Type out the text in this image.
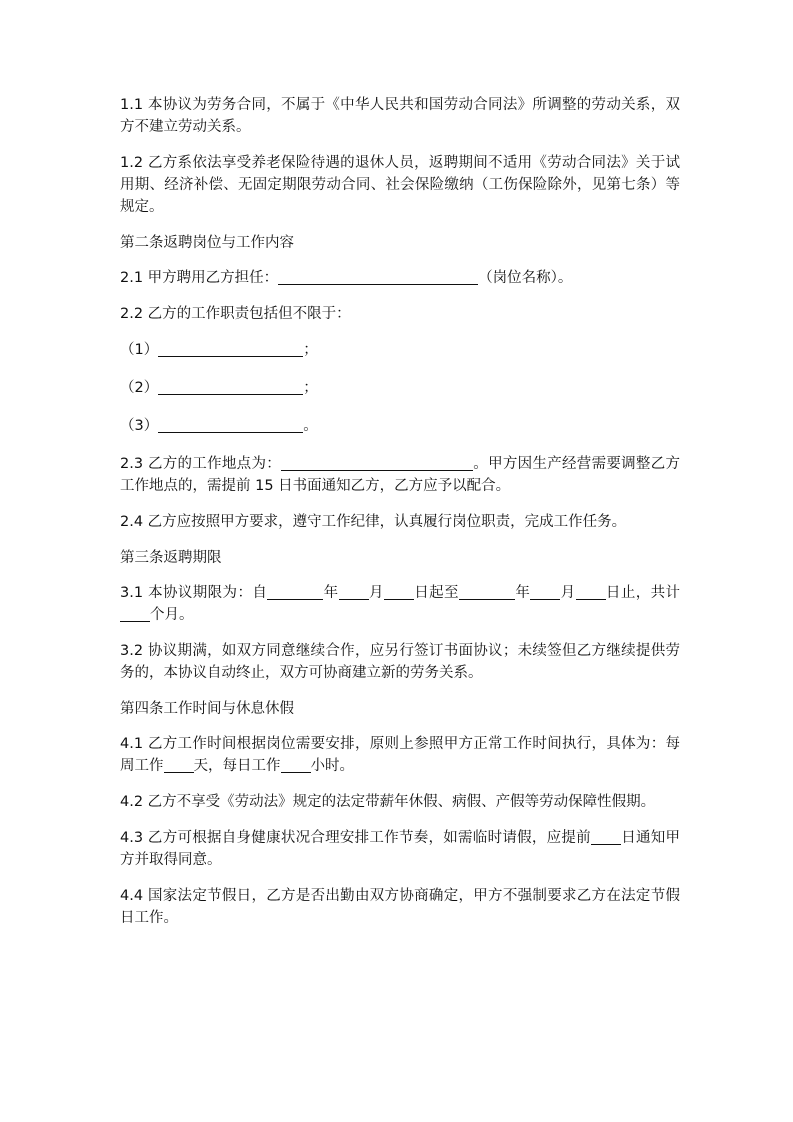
1.1 本协议为劳务合同，不属于《中华人民共和国劳动合同法》所调整的劳动关系，双方不建立劳动关系。

1.2 乙方系依法享受养老保险待遇的退休人员，返聘期间不适用《劳动合同法》关于试用期、经济补偿、无固定期限劳动合同、社会保险缴纳（工伤保险除外，见第七条）等规定。

第二条返聘岗位与工作内容

2.1 甲方聘用乙方担任：	（岗位名称）。

2.2 乙方的工作职责包括但不限于：

（1）	；

（2）	；

（3）	。

2.3 乙方的工作地点为：	。甲方因生产经营需要调整乙方工作地点的，需提前 15 日书面通知乙方，乙方应予以配合。

2.4 乙方应按照甲方要求，遵守工作纪律，认真履行岗位职责，完成工作任务。

第三条返聘期限

3.1 本协议期限为：自	年 月 日起至	年 月 日止，共计个月。

3.2 协议期满，如双方同意继续合作，应另行签订书面协议；未续签但乙方继续提供劳务的，本协议自动终止，双方可协商建立新的劳务关系。

第四条工作时间与休息休假

4.1 乙方工作时间根据岗位需要安排，原则上参照甲方正常工作时间执行，具体为：每周工作 天，每日工作 小时。

4.2 乙方不享受《劳动法》规定的法定带薪年休假、病假、产假等劳动保障性假期。

4.3 乙方可根据自身健康状况合理安排工作节奏，如需临时请假，应提前 日通知甲方并取得同意。

4.4 国家法定节假日，乙方是否出勤由双方协商确定，甲方不强制要求乙方在法定节假日工作。
